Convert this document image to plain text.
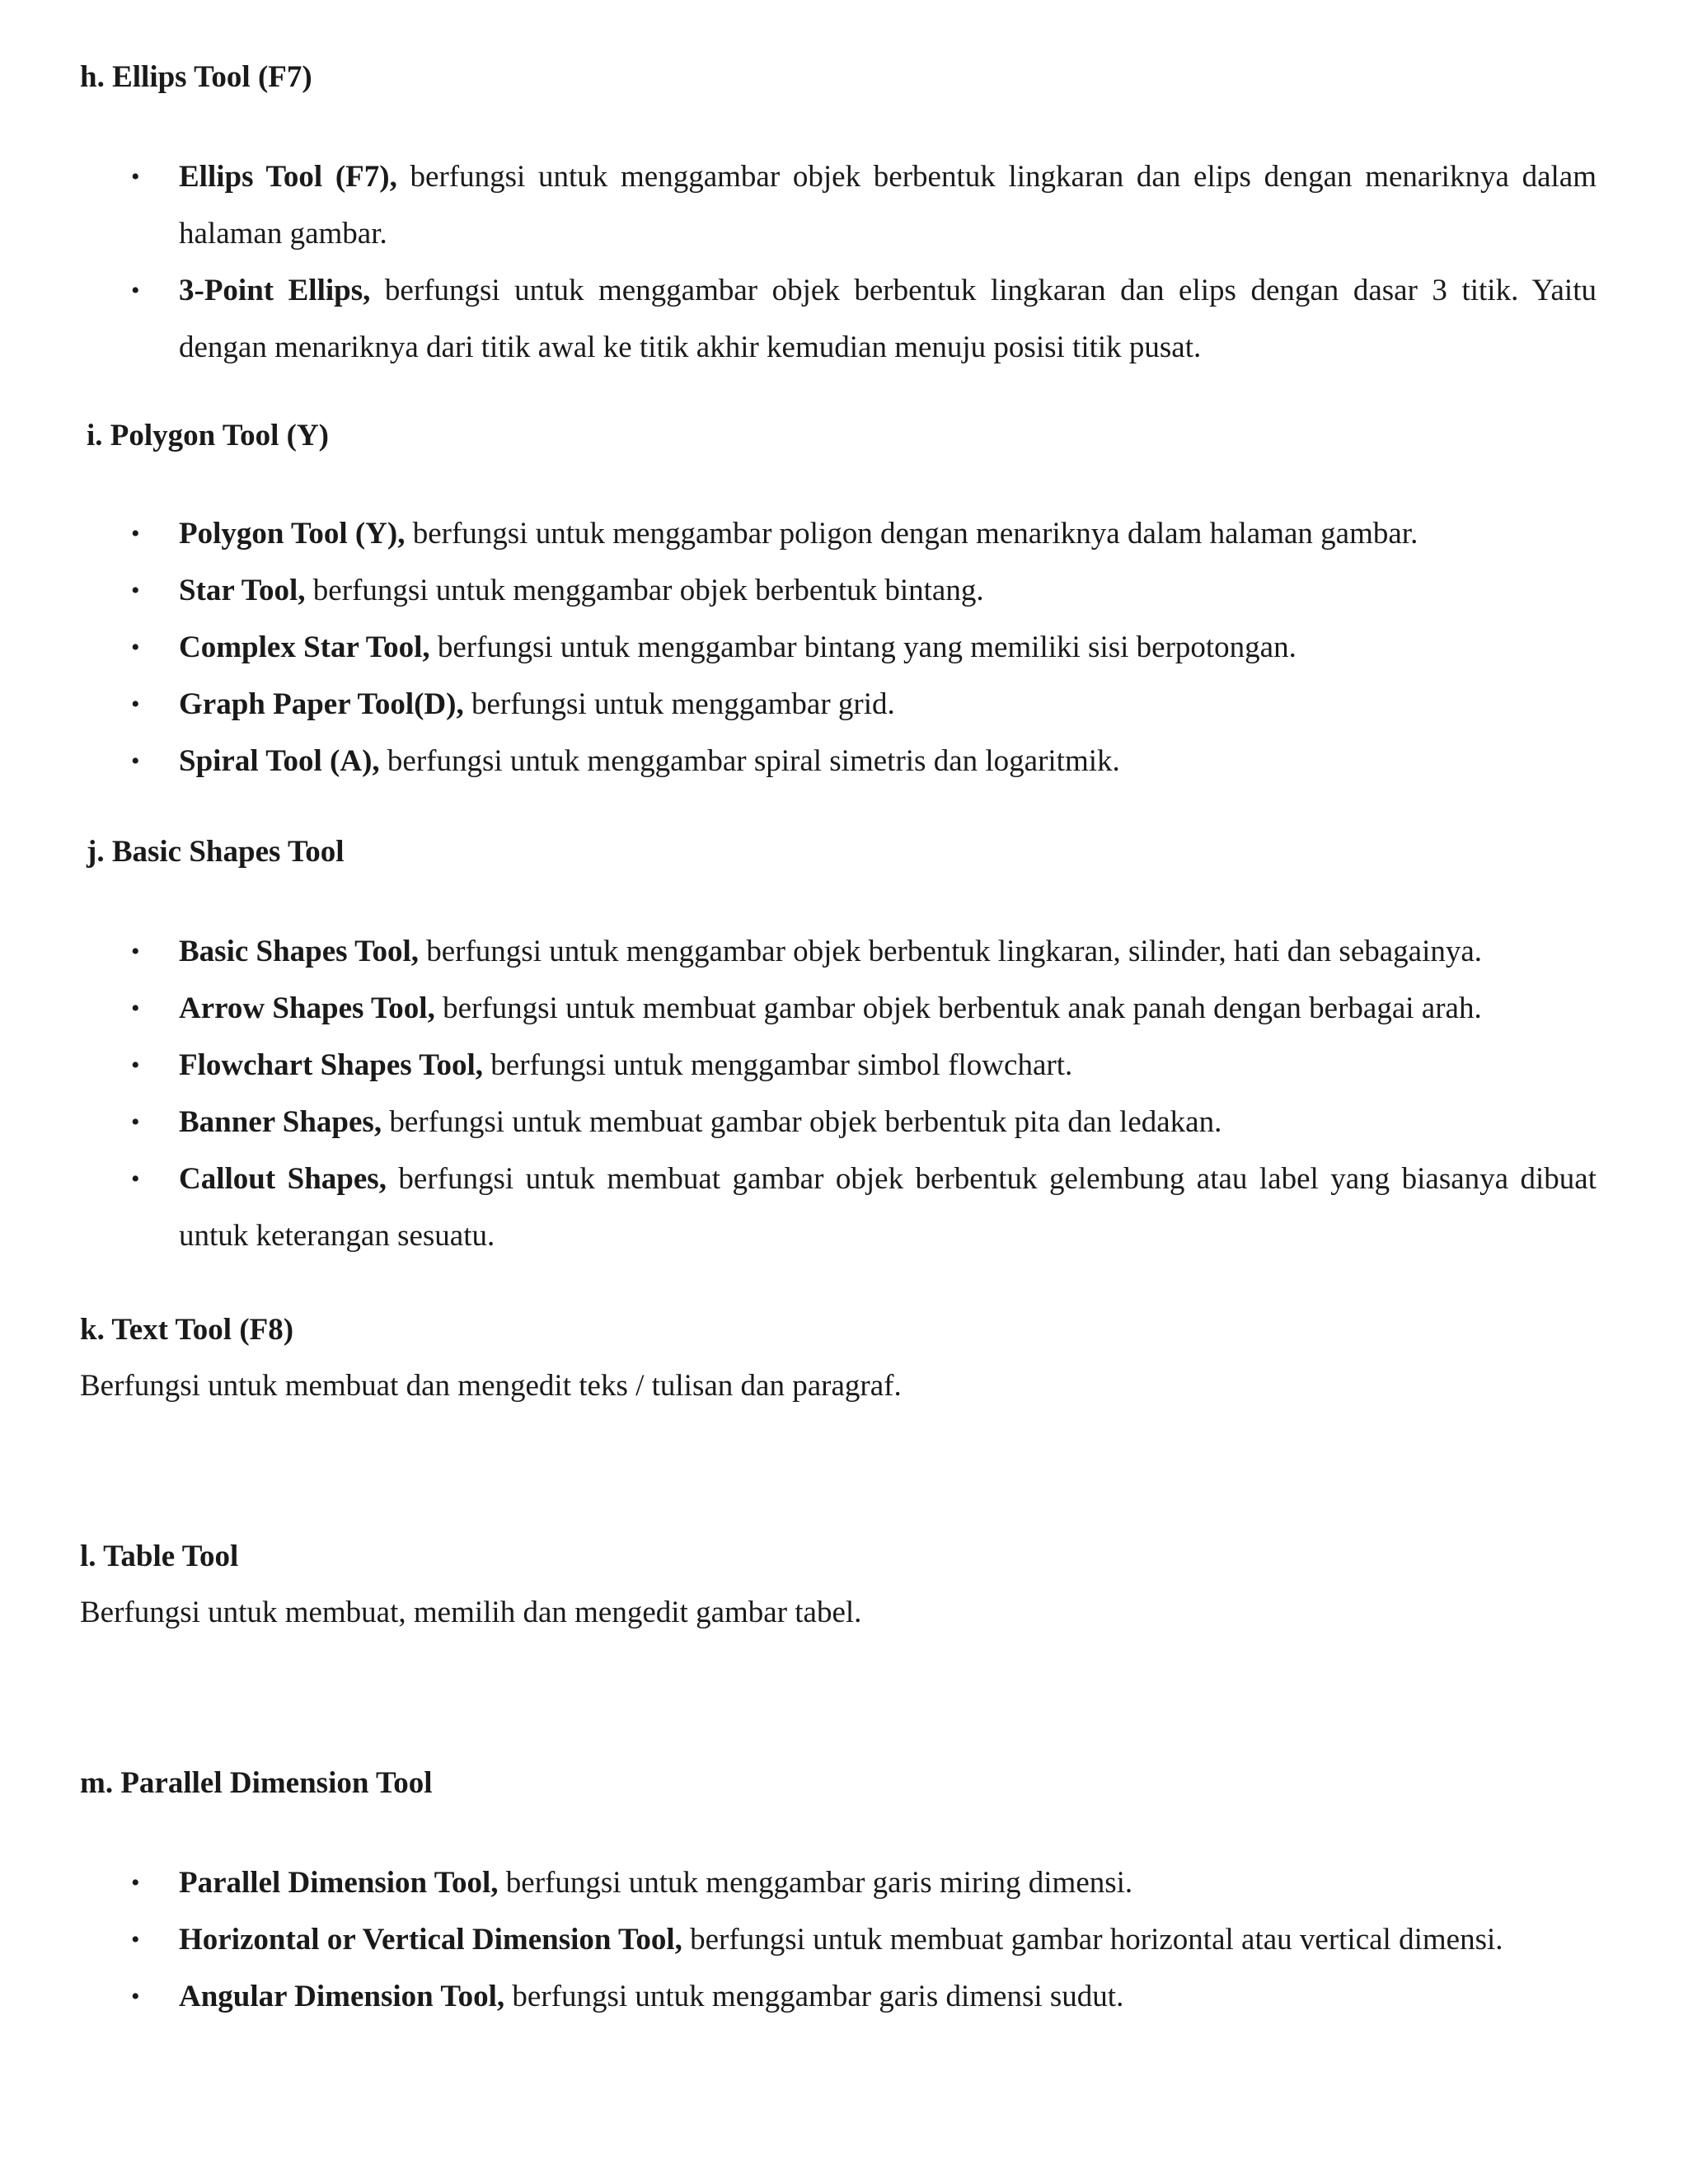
h. Ellips Tool (F7)

• Ellips Tool (F7), berfungsi untuk menggambar objek berbentuk lingkaran dan elips dengan menariknya dalam halaman gambar.
• 3-Point Ellips, berfungsi untuk menggambar objek berbentuk lingkaran dan elips dengan dasar 3 titik. Yaitu dengan menariknya dari titik awal ke titik akhir kemudian menuju posisi titik pusat.

i. Polygon Tool (Y)

• Polygon Tool (Y), berfungsi untuk menggambar poligon dengan menariknya dalam halaman gambar.
• Star Tool, berfungsi untuk menggambar objek berbentuk bintang.
• Complex Star Tool, berfungsi untuk menggambar bintang yang memiliki sisi berpotongan.
• Graph Paper Tool(D), berfungsi untuk menggambar grid.
• Spiral Tool (A), berfungsi untuk menggambar spiral simetris dan logaritmik.

j. Basic Shapes Tool

• Basic Shapes Tool, berfungsi untuk menggambar objek berbentuk lingkaran, silinder, hati dan sebagainya.
• Arrow Shapes Tool, berfungsi untuk membuat gambar objek berbentuk anak panah dengan berbagai arah.
• Flowchart Shapes Tool, berfungsi untuk menggambar simbol flowchart.
• Banner Shapes, berfungsi untuk membuat gambar objek berbentuk pita dan ledakan.
• Callout Shapes, berfungsi untuk membuat gambar objek berbentuk gelembung atau label yang biasanya dibuat untuk keterangan sesuatu.

k. Text Tool (F8)

Berfungsi untuk membuat dan mengedit teks / tulisan dan paragraf.

l. Table Tool

Berfungsi untuk membuat, memilih dan mengedit gambar tabel.

m. Parallel Dimension Tool

• Parallel Dimension Tool, berfungsi untuk menggambar garis miring dimensi.
• Horizontal or Vertical Dimension Tool, berfungsi untuk membuat gambar horizontal atau vertical dimensi.
• Angular Dimension Tool, berfungsi untuk menggambar garis dimensi sudut.
